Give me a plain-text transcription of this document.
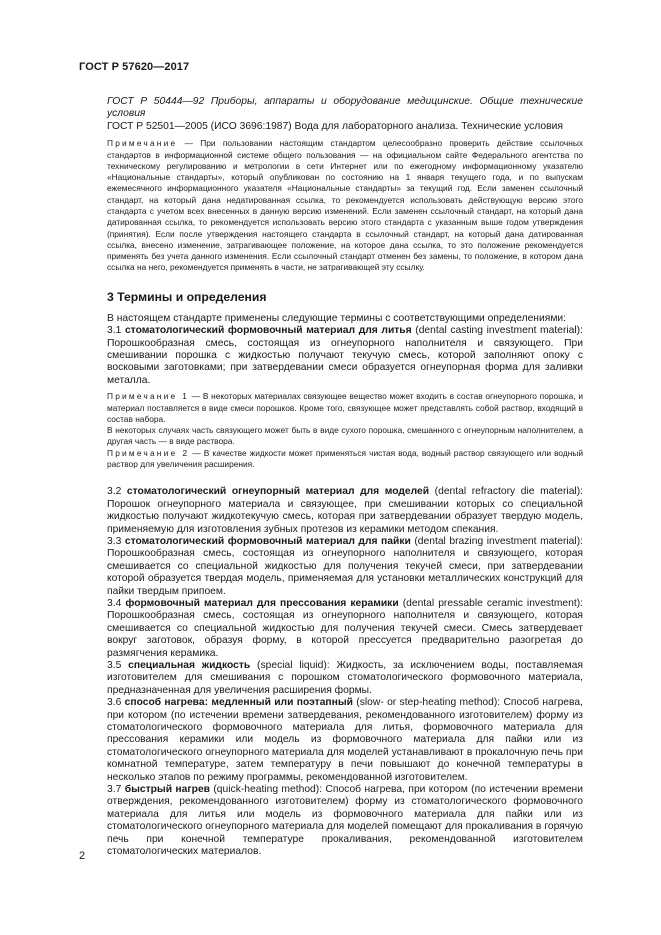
ГОСТ Р 57620—2017

ГОСТ Р 50444—92 Приборы, аппараты и оборудование медицинские. Общие технические условия

ГОСТ Р 52501—2005 (ИСО 3696:1987) Вода для лабораторного анализа. Технические условия

Примечание — При пользовании настоящим стандартом целесообразно проверить действие ссылочных стандартов в информационной системе общего пользования — на официальном сайте Федерального агентства по техническому регулированию и метрологии в сети Интернет или по ежегодному информационному указателю «Национальные стандарты», который опубликован по состоянию на 1 января текущего года, и по выпускам ежемесячного информационного указателя «Национальные стандарты» за текущий год. Если заменен ссылочный стандарт, на который дана недатированная ссылка, то рекомендуется использовать действующую версию этого стандарта с учетом всех внесенных в данную версию изменений. Если заменен ссылочный стандарт, на который дана датированная ссылка, то рекомендуется использовать версию этого стандарта с указанным выше годом утверждения (принятия). Если после утверждения настоящего стандарта в ссылочный стандарт, на который дана датированная ссылка, внесено изменение, затрагивающее положение, на которое дана ссылка, то это положение рекомендуется применять без учета данного изменения. Если ссылочный стандарт отменен без замены, то положение, в котором дана ссылка на него, рекомендуется применять в части, не затрагивающей эту ссылку.

3 Термины и определения

В настоящем стандарте применены следующие термины с соответствующими определениями:

3.1 стоматологический формовочный материал для литья (dental casting investment material): Порошкообразная смесь, состоящая из огнеупорного наполнителя и связующего. При смешивании порошка с жидкостью получают текучую смесь, которой заполняют опоку с восковыми заготовками; при затвердевании смеси образуется огнеупорная форма для заливки металла.

Примечание 1 — В некоторых материалах связующее вещество может входить в состав огнеупорного порошка, и материал поставляется в виде смеси порошков. Кроме того, связующее может представлять собой раствор, входящий в состав набора.

В некоторых случаях часть связующего может быть в виде сухого порошка, смешанного с огнеупорным наполнителем, а другая часть — в виде раствора.

Примечание 2 — В качестве жидкости может применяться чистая вода, водный раствор связующего или водный раствор для увеличения расширения.

3.2 стоматологический огнеупорный материал для моделей (dental refractory die material): Порошок огнеупорного материала и связующее, при смешивании которых со специальной жидкостью получают жидкотекучую смесь, которая при затвердевании образует твердую модель, применяемую для изготовления зубных протезов из керамики методом спекания.

3.3 стоматологический формовочный материал для пайки (dental brazing investment material): Порошкообразная смесь, состоящая из огнеупорного наполнителя и связующего, которая смешивается со специальной жидкостью для получения текучей смеси, при затвердевании которой образуется твердая модель, применяемая для установки металлических конструкций для пайки твердым припоем.

3.4 формовочный материал для прессования керамики (dental pressable ceramic investment): Порошкообразная смесь, состоящая из огнеупорного наполнителя и связующего, которая смешивается со специальной жидкостью для получения текучей смеси. Смесь затвердевает вокруг заготовок, образуя форму, в которой прессуется предварительно разогретая до размягчения керамика.

3.5 специальная жидкость (special liquid): Жидкость, за исключением воды, поставляемая изготовителем для смешивания с порошком стоматологического формовочного материала, предназначенная для увеличения расширения формы.

3.6 способ нагрева: медленный или поэтапный (slow- or step-heating method): Способ нагрева, при котором (по истечении времени затвердевания, рекомендованного изготовителем) форму из стоматологического формовочного материала для литья, формовочного материала для прессования керамики или модель из формовочного материала для пайки или из стоматологического огнеупорного материала для моделей устанавливают в прокалочную печь при комнатной температуре, затем температуру в печи повышают до конечной температуры в несколько этапов по режиму программы, рекомендованной изготовителем.

3.7 быстрый нагрев (quick-heating method): Способ нагрева, при котором (по истечении времени отверждения, рекомендованного изготовителем) форму из стоматологического формовочного материала для литья или модель из формовочного материала для пайки или из стоматологического огнеупорного материала для моделей помещают для прокаливания в горячую печь при конечной температуре прокаливания, рекомендованной изготовителем стоматологических материалов.

2
